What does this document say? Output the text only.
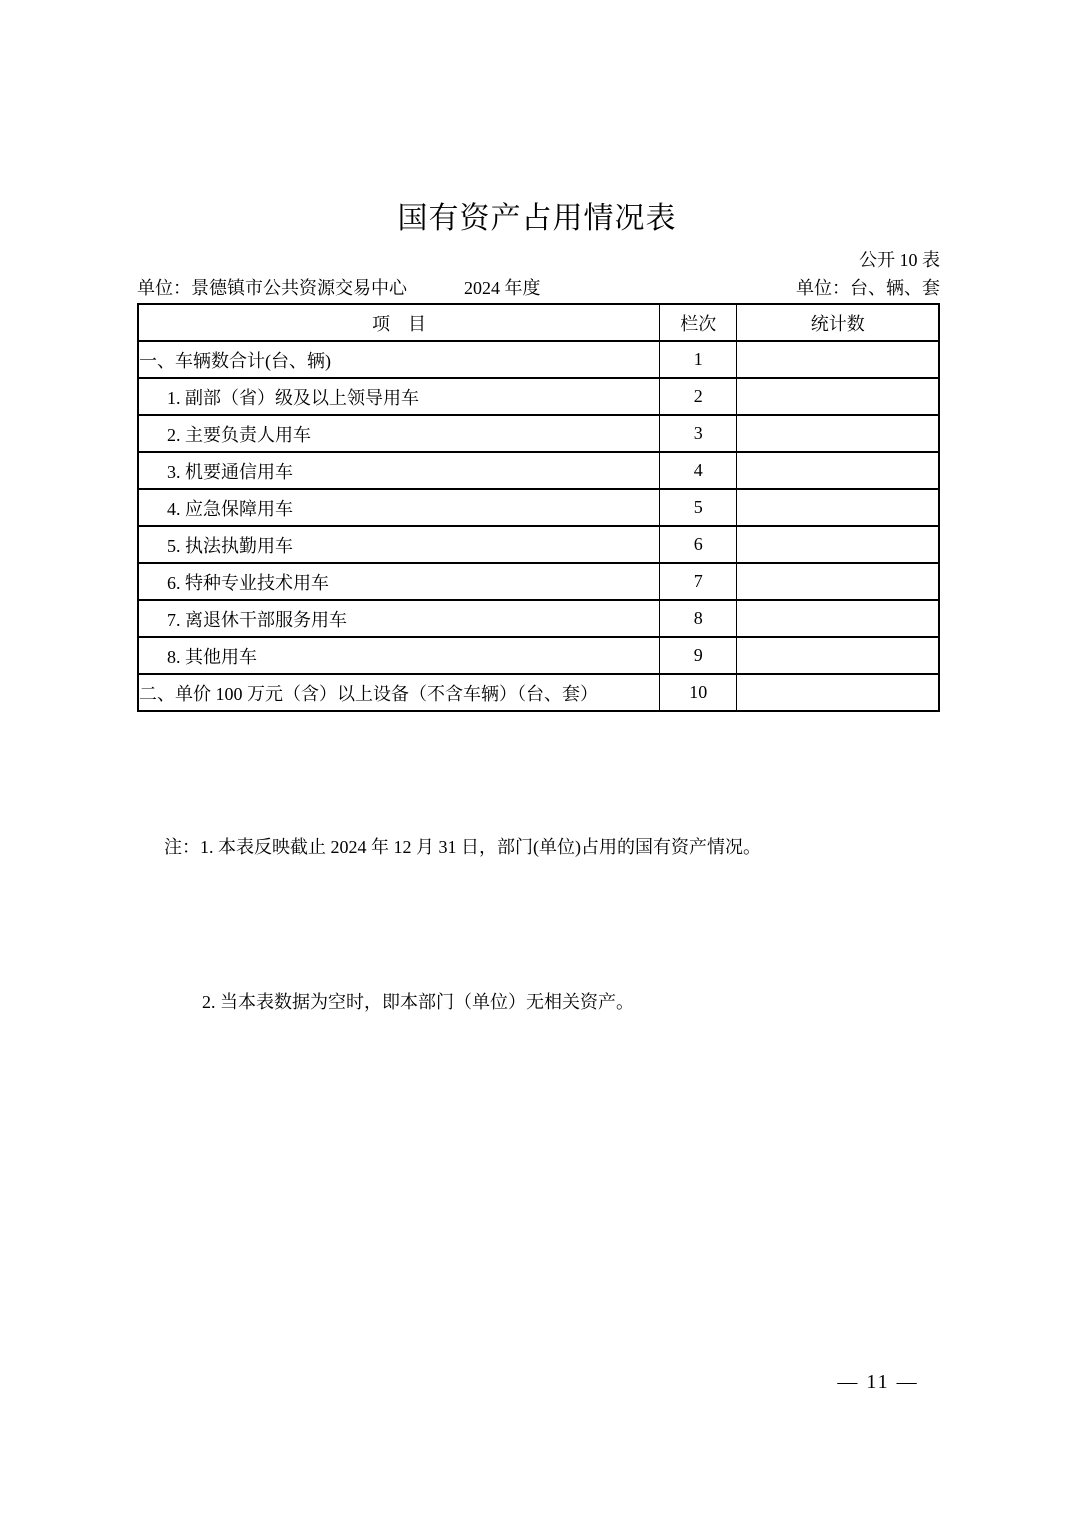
国有资产占用情况表
公开 10 表
单位：景德镇市公共资源交易中心	2024 年度	单位：台、辆、套
项　目	栏次	统计数
一、车辆数合计(台、辆)	1	
1. 副部（省）级及以上领导用车	2	
2. 主要负责人用车	3	
3. 机要通信用车	4	
4. 应急保障用车	5	
5. 执法执勤用车	6	
6. 特种专业技术用车	7	
7. 离退休干部服务用车	8	
8. 其他用车	9	
二、单价 100 万元（含）以上设备（不含车辆）（台、套）	10	

注：1. 本表反映截止 2024 年 12 月 31 日，部门(单位)占用的国有资产情况。

2. 当本表数据为空时，即本部门（单位）无相关资产。

— 11 —
